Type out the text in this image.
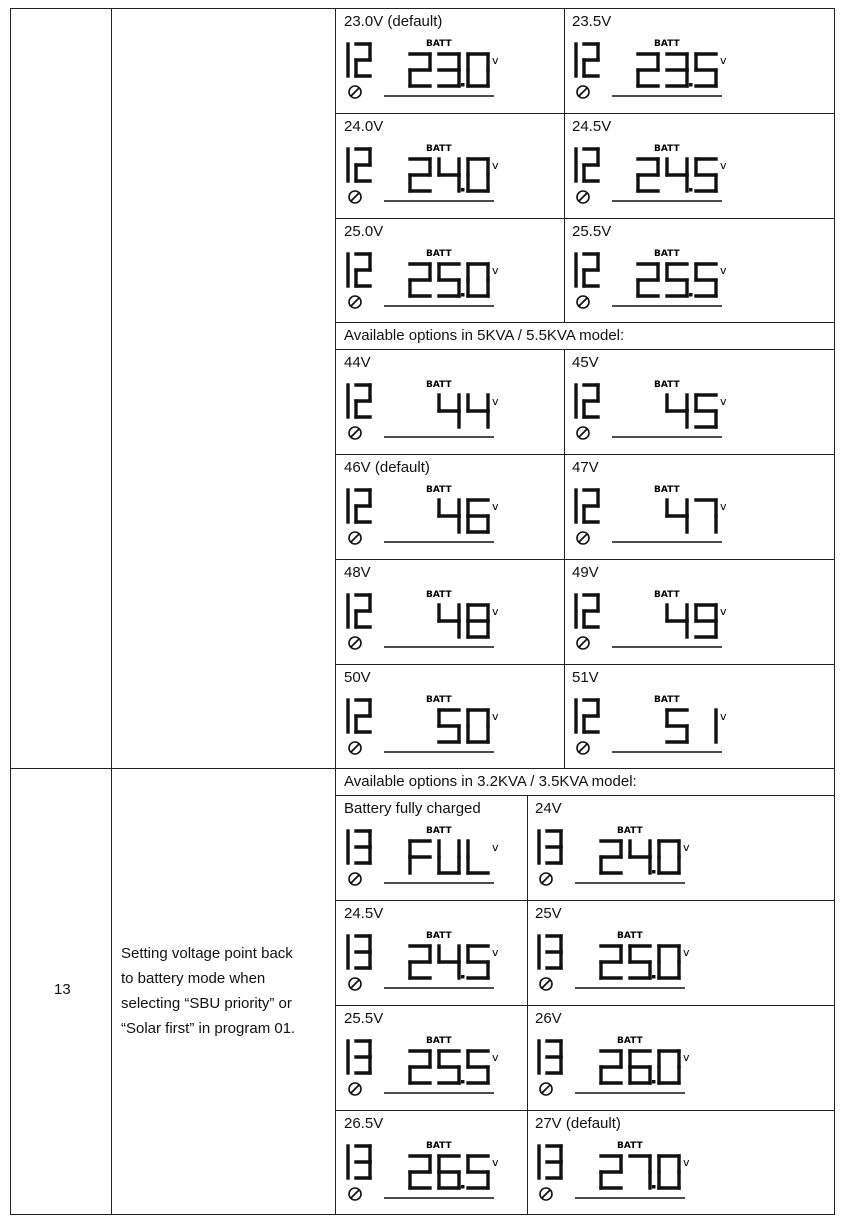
23.0V (default)
BATT
v
23.5V
BATT
v
24.0V
BATT
v
24.5V
BATT
v
25.0V
BATT
v
25.5V
BATT
v
44V
BATT
v
45V
BATT
v
46V (default)
BATT
v
47V
BATT
v
48V
BATT
v
49V
BATT
v
50V
BATT
v
51V
BATT
v
Battery fully charged
BATT
v
24V
BATT
v
24.5V
BATT
v
25V
BATT
v
25.5V
BATT
v
26V
BATT
v
26.5V
BATT
v
27V (default)
BATT
v
13
Setting voltage point back
to battery mode when
selecting “SBU priority” or
“Solar first” in program 01.
Available options in 5KVA / 5.5KVA model:
Available options in 3.2KVA / 3.5KVA model:
